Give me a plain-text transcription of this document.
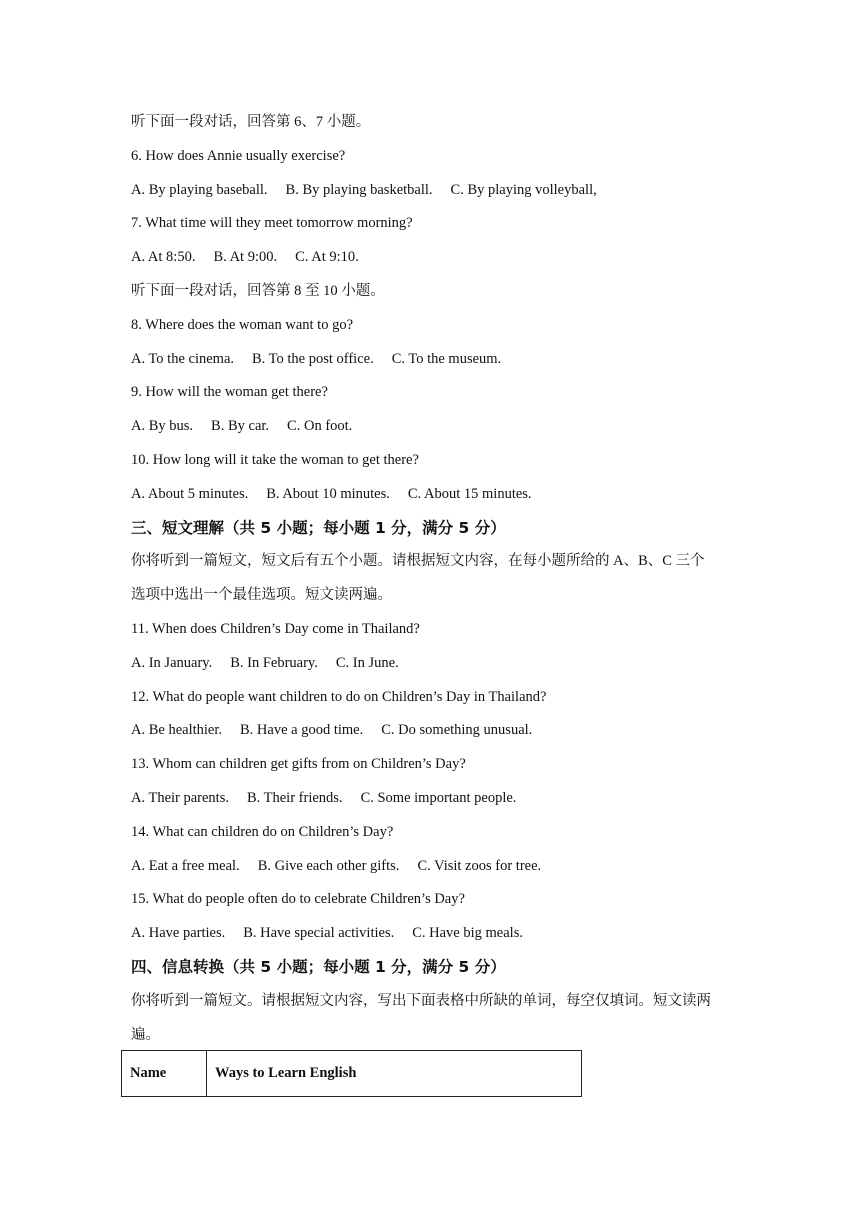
听下面一段对话，回答第 6、7 小题。
6. How does Annie usually exercise?
A. By playing baseball. B. By playing basketball. C. By playing volleyball,
7. What time will they meet tomorrow morning?
A. At 8:50. B. At 9:00. C. At 9:10.
听下面一段对话，回答第 8 至 10 小题。
8. Where does the woman want to go?
A. To the cinema. B. To the post office. C. To the museum.
9. How will the woman get there?
A. By bus. B. By car. C. On foot.
10. How long will it take the woman to get there?
A. About 5 minutes. B. About 10 minutes. C. About 15 minutes.
三、短文理解（共 5 小题；每小题 1 分，满分 5 分）
你将听到一篇短文，短文后有五个小题。请根据短文内容，在每小题所给的 A、B、C 三个
选项中选出一个最佳选项。短文读两遍。
11. When does Children’s Day come in Thailand?
A. In January. B. In February. C. In June.
12. What do people want children to do on Children’s Day in Thailand?
A. Be healthier. B. Have a good time. C. Do something unusual.
13. Whom can children get gifts from on Children’s Day?
A. Their parents. B. Their friends. C. Some important people.
14. What can children do on Children’s Day?
A. Eat a free meal. B. Give each other gifts. C. Visit zoos for tree.
15. What do people often do to celebrate Children’s Day?
A. Have parties. B. Have special activities. C. Have big meals.
四、信息转换（共 5 小题；每小题 1 分，满分 5 分）
你将听到一篇短文。请根据短文内容，写出下面表格中所缺的单词，每空仅填词。短文读两
遍。
Name	Ways to Learn English
